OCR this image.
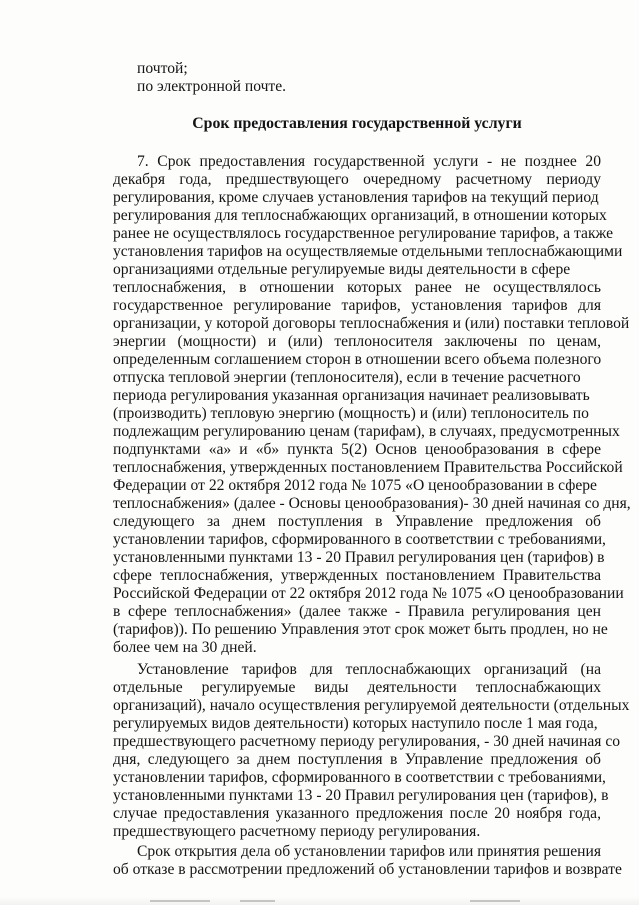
почтой;
по электронной почте.
Срок предоставления государственной услуги
7. Срок предоставления государственной услуги - не позднее 20
декабря года, предшествующего очередному расчетному периоду
регулирования, кроме случаев установления тарифов на текущий период
регулирования для теплоснабжающих организаций, в отношении которых
ранее не осуществлялось государственное регулирование тарифов, а также
установления тарифов на осуществляемые отдельными теплоснабжающими
организациями отдельные регулируемые виды деятельности в сфере
теплоснабжения, в отношении которых ранее не осуществлялось
государственное регулирование тарифов, установления тарифов для
организации, у которой договоры теплоснабжения и (или) поставки тепловой
энергии (мощности) и (или) теплоносителя заключены по ценам,
определенным соглашением сторон в отношении всего объема полезного
отпуска тепловой энергии (теплоносителя), если в течение расчетного
периода регулирования указанная организация начинает реализовывать
(производить) тепловую энергию (мощность) и (или) теплоноситель по
подлежащим регулированию ценам (тарифам), в случаях, предусмотренных
подпунктами «а» и «б» пункта 5(2) Основ ценообразования в сфере
теплоснабжения, утвержденных постановлением Правительства Российской
Федерации от 22 октября 2012 года № 1075 «О ценообразовании в сфере
теплоснабжения» (далее - Основы ценообразования)- 30 дней начиная со дня,
следующего за днем поступления в Управление предложения об
установлении тарифов, сформированного в соответствии с требованиями,
установленными пунктами 13 - 20 Правил регулирования цен (тарифов) в
сфере теплоснабжения, утвержденных постановлением Правительства
Российской Федерации от 22 октября 2012 года № 1075 «О ценообразовании
в сфере теплоснабжения» (далее также - Правила регулирования цен
(тарифов)). По решению Управления этот срок может быть продлен, но не
более чем на 30 дней.
Установление тарифов для теплоснабжающих организаций (на
отдельные регулируемые виды деятельности теплоснабжающих
организаций), начало осуществления регулируемой деятельности (отдельных
регулируемых видов деятельности) которых наступило после 1 мая года,
предшествующего расчетному периоду регулирования, - 30 дней начиная со
дня, следующего за днем поступления в Управление предложения об
установлении тарифов, сформированного в соответствии с требованиями,
установленными пунктами 13 - 20 Правил регулирования цен (тарифов), в
случае предоставления указанного предложения после 20 ноября года,
предшествующего расчетному периоду регулирования.
Срок открытия дела об установлении тарифов или принятия решения
об отказе в рассмотрении предложений об установлении тарифов и возврате
